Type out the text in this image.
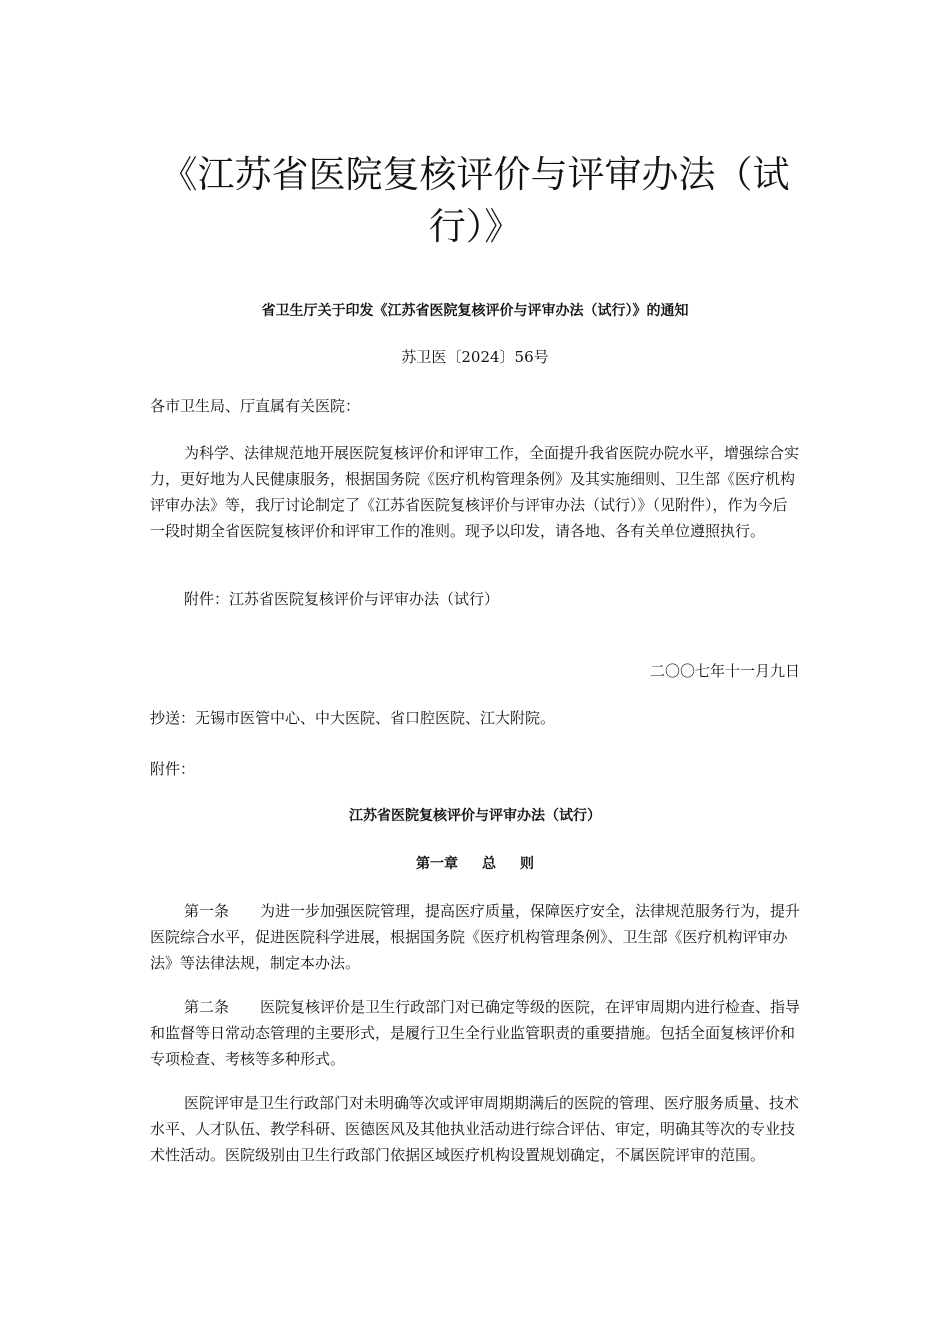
《江苏省医院复核评价与评审办法（试行）》

省卫生厅关于印发《江苏省医院复核评价与评审办法（试行）》的通知

苏卫医〔2024〕56号

各市卫生局、厅直属有关医院：

为科学、法律规范地开展医院复核评价和评审工作，全面提升我省医院办院水平，增强综合实力，更好地为人民健康服务，根据国务院《医疗机构管理条例》及其实施细则、卫生部《医疗机构评审办法》等，我厅讨论制定了《江苏省医院复核评价与评审办法（试行）》（见附件），作为今后一段时期全省医院复核评价和评审工作的准则。现予以印发，请各地、各有关单位遵照执行。

附件：江苏省医院复核评价与评审办法（试行）

二〇〇七年十一月九日

抄送：无锡市医管中心、中大医院、省口腔医院、江大附院。

附件：

江苏省医院复核评价与评审办法（试行）

第一章 总 则

第一条 为进一步加强医院管理，提高医疗质量，保障医疗安全，法律规范服务行为，提升医院综合水平，促进医院科学进展，根据国务院《医疗机构管理条例》、卫生部《医疗机构评审办法》等法律法规，制定本办法。

第二条 医院复核评价是卫生行政部门对已确定等级的医院，在评审周期内进行检查、指导和监督等日常动态管理的主要形式，是履行卫生全行业监管职责的重要措施。包括全面复核评价和专项检查、考核等多种形式。

医院评审是卫生行政部门对未明确等次或评审周期期满后的医院的管理、医疗服务质量、技术水平、人才队伍、教学科研、医德医风及其他执业活动进行综合评估、审定，明确其等次的专业技术性活动。医院级别由卫生行政部门依据区域医疗机构设置规划确定，不属医院评审的范围。
